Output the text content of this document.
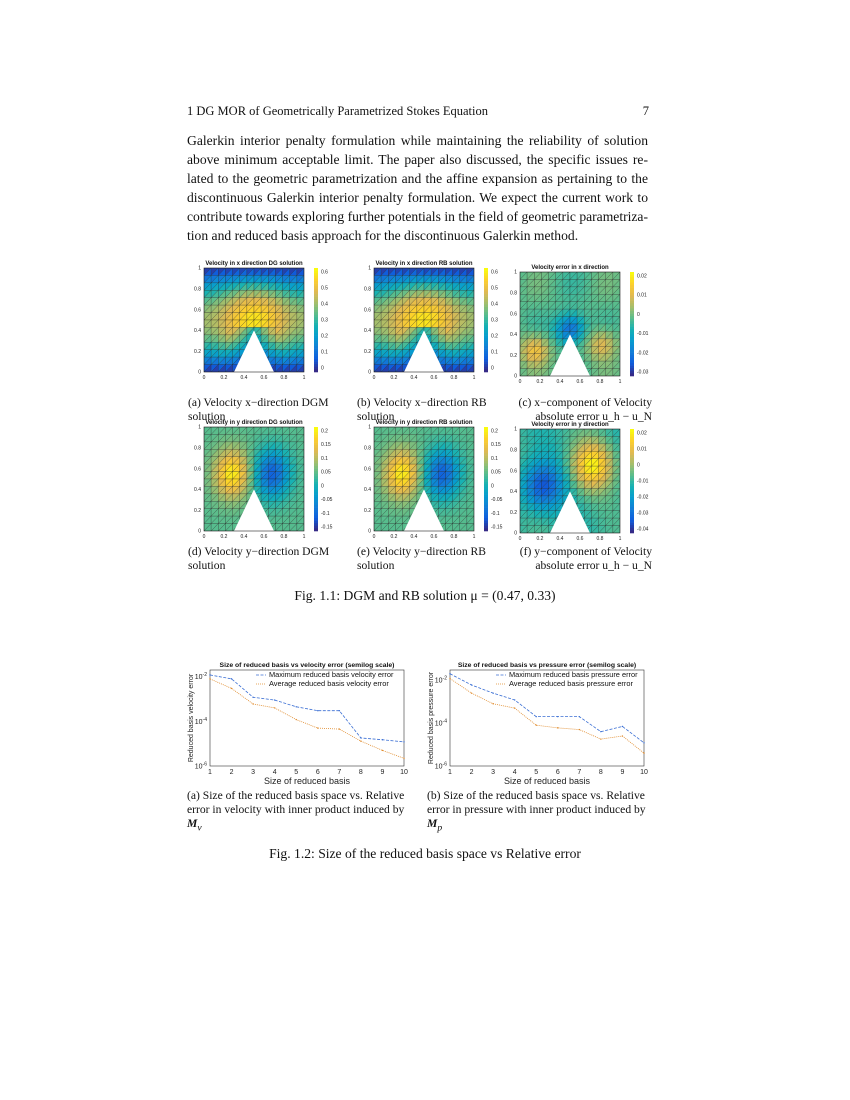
1 DG MOR of Geometrically Parametrized Stokes Equation	7

Galerkin interior penalty formulation while maintaining the reliability of solution
above minimum acceptable limit. The paper also discussed, the specific issues re-
lated to the geometric parametrization and the affine expansion as pertaining to the
discontinuous Galerkin interior penalty formulation. We expect the current work to
contribute towards exploring further potentials in the field of geometric parametriza-
tion and reduced basis approach for the discontinuous Galerkin method.

Velocity in x direction DG solution
0
0.2
0.4
0.6
0.8
1
0	0.2	0.4	0.6	0.8	1
0.6
0.5
0.4
0.3
0.2
0.1
0
Velocity in x direction RB solution
0
0.2
0.4
0.6
0.8
1
0	0.2	0.4	0.6	0.8	1
0.6
0.5
0.4
0.3
0.2
0.1
0
Velocity error in x direction
0
0.2
0.4
0.6
0.8
1
0	0.2	0.4	0.6	0.8	1
0.02
0.01
0
-0.01
-0.02
-0.03
Velocity in y direction DG solution
0
0.2
0.4
0.6
0.8
1
0	0.2	0.4	0.6	0.8	1
0.2
0.15
0.1
0.05
0
-0.05
-0.1
-0.15
Velocity in y direction RB solution
0
0.2
0.4
0.6
0.8
1
0	0.2	0.4	0.6	0.8	1
0.2
0.15
0.1
0.05
0
-0.05
-0.1
-0.15
Velocity error in y direction
0
0.2
0.4
0.6
0.8
1
0	0.2	0.4	0.6	0.8	1
0.02
0.01
0
-0.01
-0.02
-0.03
-0.04
(a) Velocity x−direction DGM
solution
(b) Velocity x−direction RB
solution
(c) x−component of Velocity
absolute error u_h − u_N
(d) Velocity y−direction DGM
solution
(e) Velocity y−direction RB
solution
(f) y−component of Velocity
absolute error u_h − u_N
Fig. 1.1: DGM and RB solution μ = (0.47, 0.33)
Size of reduced basis vs velocity error (semilog scale)
1	2	3	4	5	6	7	8	9 10
$10^{-2}$
$10^{-4}$
$10^{-6}$
Size of reduced basis
Reduced basis velocity error	Maximum reduced basis velocity error
Average reduced basis velocity error
Size of reduced basis vs pressure error (semilog scale)
1	2	3	4	5	6	7	8	9 10
$10^{-2}$
$10^{-4}$
$10^{-6}$
Size of reduced basis
Reduced basis pressure error	Maximum reduced basis pressure error
Average reduced basis pressure error
(a) Size of the reduced basis space vs. Relative
error in velocity with inner product induced by
$M_v$
(b) Size of the reduced basis space vs. Relative
error in pressure with inner product induced by
$M_p$
Fig. 1.2: Size of the reduced basis space vs Relative error
